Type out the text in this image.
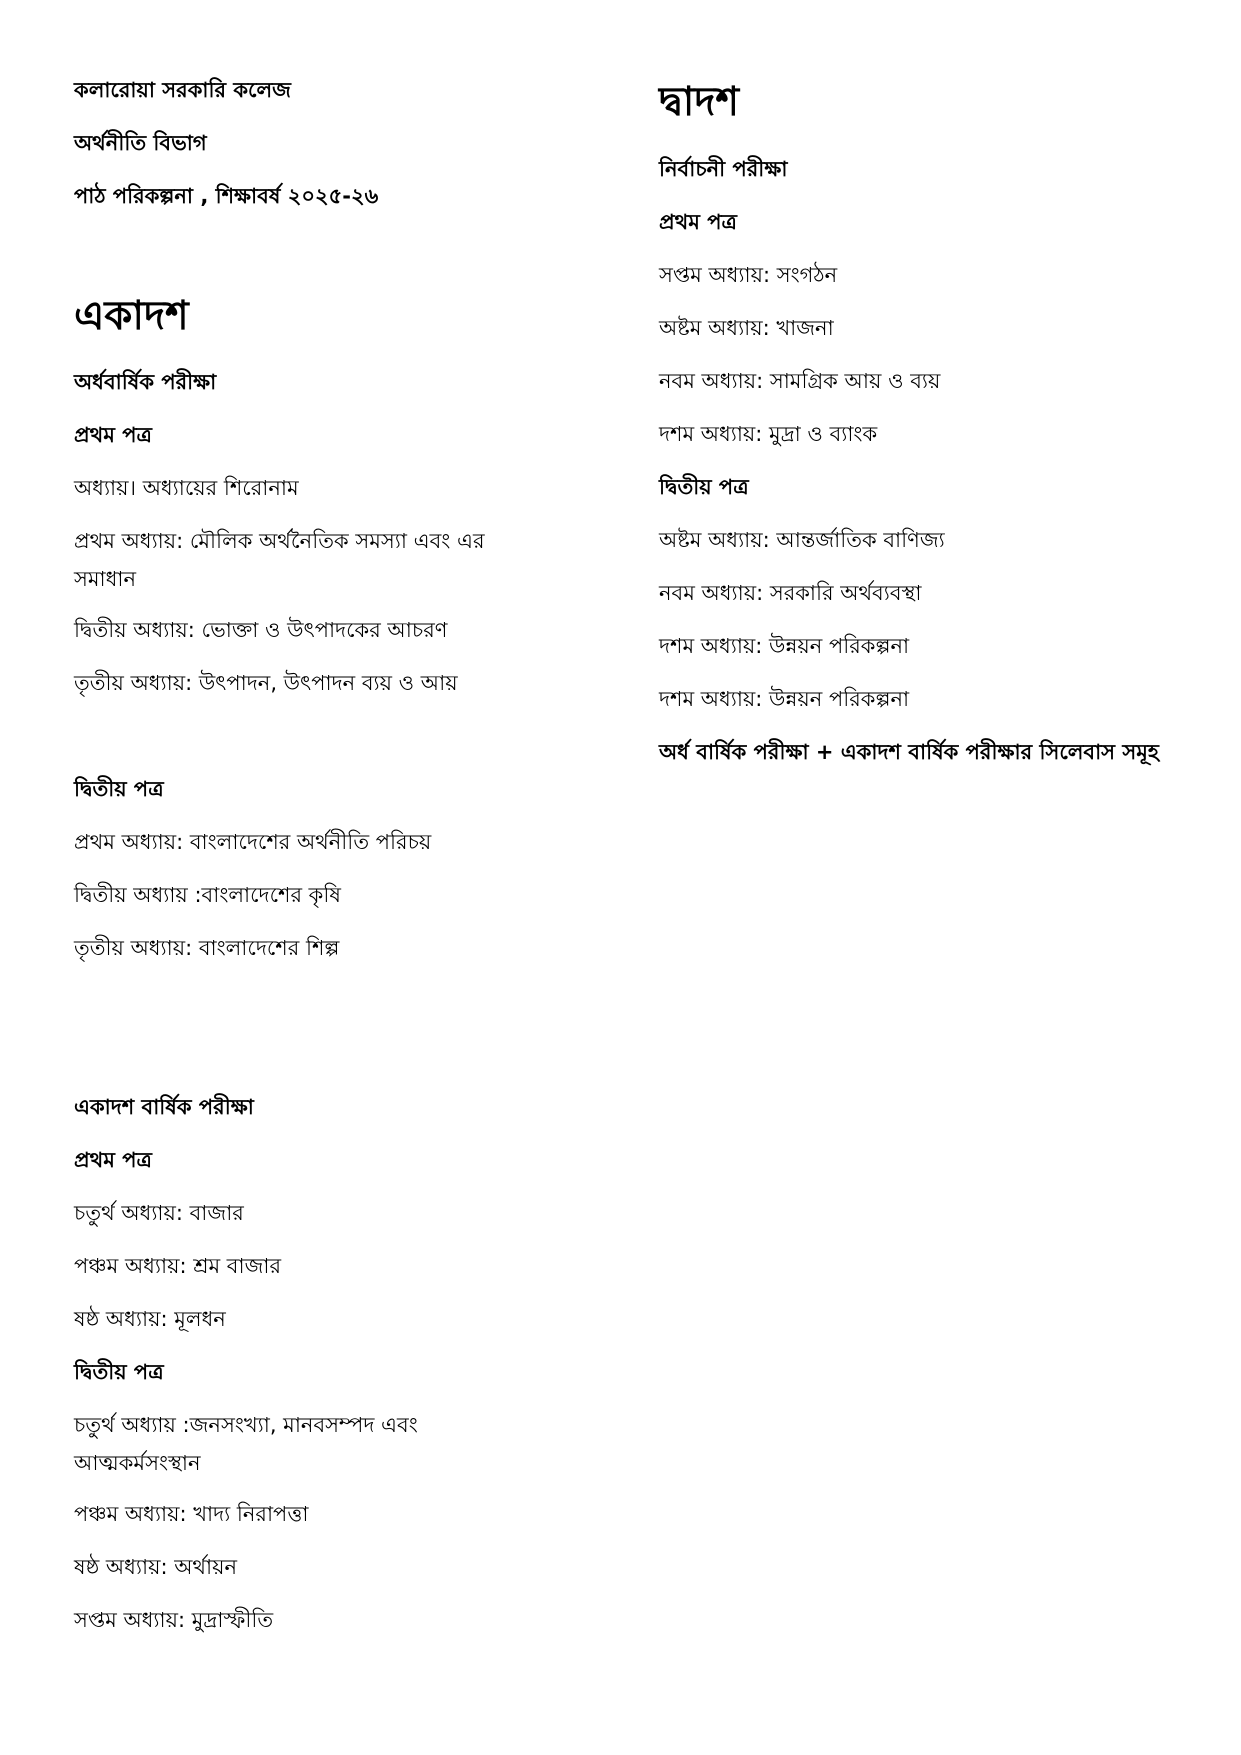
কলারোয়া সরকারি কলেজ
অর্থনীতি বিভাগ
পাঠ পরিকল্পনা , শিক্ষাবর্ষ ২০২৫-২৬
একাদশ
অর্ধবার্ষিক পরীক্ষা
প্রথম পত্র
অধ্যায়। অধ্যায়ের শিরোনাম
প্রথম অধ্যায়: মৌলিক অর্থনৈতিক সমস্যা এবং এর সমাধান
দ্বিতীয় অধ্যায়: ভোক্তা ও উৎপাদকের আচরণ
তৃতীয় অধ্যায়: উৎপাদন, উৎপাদন ব্যয় ও আয়
দ্বিতীয় পত্র
প্রথম অধ্যায়: বাংলাদেশের অর্থনীতি পরিচয়
দ্বিতীয় অধ্যায় :বাংলাদেশের কৃষি
তৃতীয় অধ্যায়: বাংলাদেশের শিল্প
একাদশ বার্ষিক পরীক্ষা
প্রথম পত্র
চতুর্থ অধ্যায়: বাজার
পঞ্চম অধ্যায়: শ্রম বাজার
ষষ্ঠ অধ্যায়: মূলধন
দ্বিতীয় পত্র
চতুর্থ অধ্যায় :জনসংখ্যা, মানবসম্পদ এবং আত্মকর্মসংস্থান
পঞ্চম অধ্যায়: খাদ্য নিরাপত্তা
ষষ্ঠ অধ্যায়: অর্থায়ন
সপ্তম অধ্যায়: মুদ্রাস্ফীতি
দ্বাদশ
নির্বাচনী পরীক্ষা
প্রথম পত্র
সপ্তম অধ্যায়: সংগঠন
অষ্টম অধ্যায়: খাজনা
নবম অধ্যায়: সামগ্রিক আয় ও ব্যয়
দশম অধ্যায়: মুদ্রা ও ব্যাংক
দ্বিতীয় পত্র
অষ্টম অধ্যায়: আন্তর্জাতিক বাণিজ্য
নবম অধ্যায়: সরকারি অর্থব্যবস্থা
দশম অধ্যায়: উন্নয়ন পরিকল্পনা
দশম অধ্যায়: উন্নয়ন পরিকল্পনা
অর্ধ বার্ষিক পরীক্ষা + একাদশ বার্ষিক পরীক্ষার সিলেবাস সমূহ
